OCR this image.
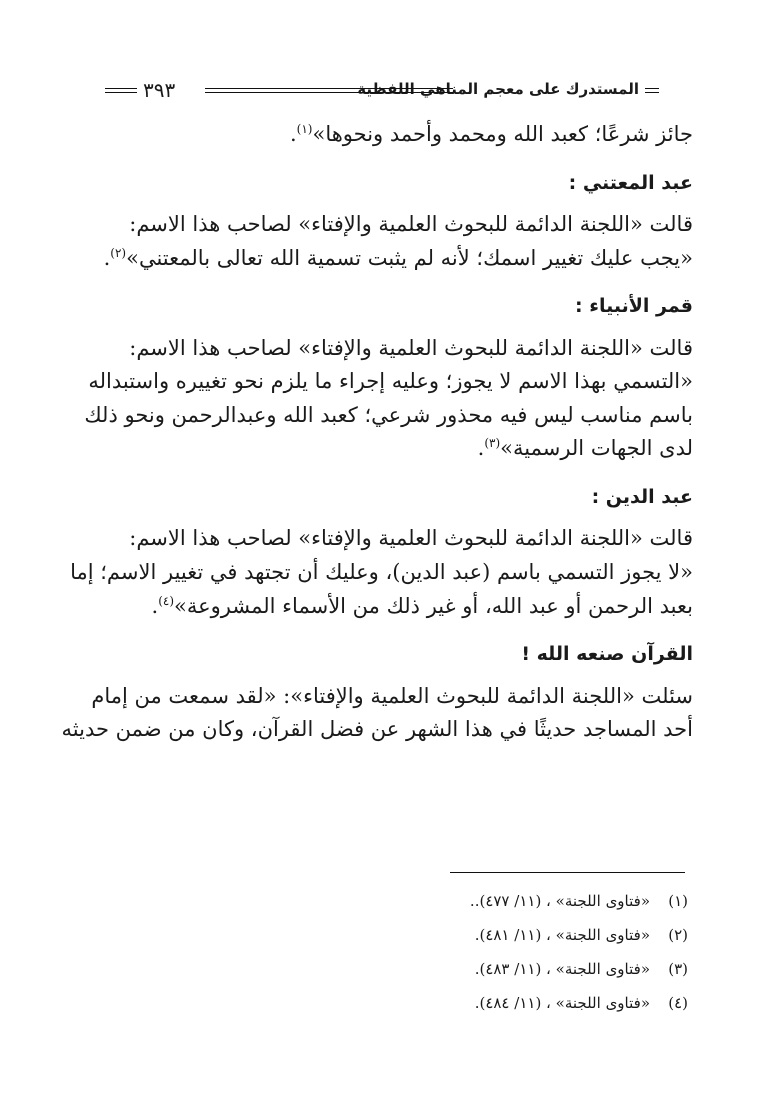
المستدرك على معجم المناهي اللفظية
٣٩٣

جائز شرعًا؛ كعبد الله ومحمد وأحمد ونحوها»$^{(١)}$.

عبد المعتني :

قالت «اللجنة الدائمة للبحوث العلمية والإفتاء» لصاحب هذا الاسم:
«يجب عليك تغيير اسمك؛ لأنه لم يثبت تسمية الله تعالى بالمعتني»$^{(٢)}$.

قمر الأنبياء :

قالت «اللجنة الدائمة للبحوث العلمية والإفتاء» لصاحب هذا الاسم:
«التسمي بهذا الاسم لا يجوز؛ وعليه إجراء ما يلزم نحو تغييره واستبداله
باسم مناسب ليس فيه محذور شرعي؛ كعبد الله وعبدالرحمن ونحو ذلك
لدى الجهات الرسمية»$^{(٣)}$.

عبد الدين :

قالت «اللجنة الدائمة للبحوث العلمية والإفتاء» لصاحب هذا الاسم:
«لا يجوز التسمي باسم (عبد الدين)، وعليك أن تجتهد في تغيير الاسم؛ إما
بعبد الرحمن أو عبد الله، أو غير ذلك من الأسماء المشروعة»$^{(٤)}$.

القرآن صنعه الله !

سئلت «اللجنة الدائمة للبحوث العلمية والإفتاء»: «لقد سمعت من إمام
أحد المساجد حديثًا في هذا الشهر عن فضل القرآن، وكان من ضمن حديثه

(١)«فتاوى اللجنة» ، (١١/ ٤٧٧)..
(٢)«فتاوى اللجنة» ، (١١/ ٤٨١).
(٣)«فتاوى اللجنة» ، (١١/ ٤٨٣).
(٤)«فتاوى اللجنة» ، (١١/ ٤٨٤).
